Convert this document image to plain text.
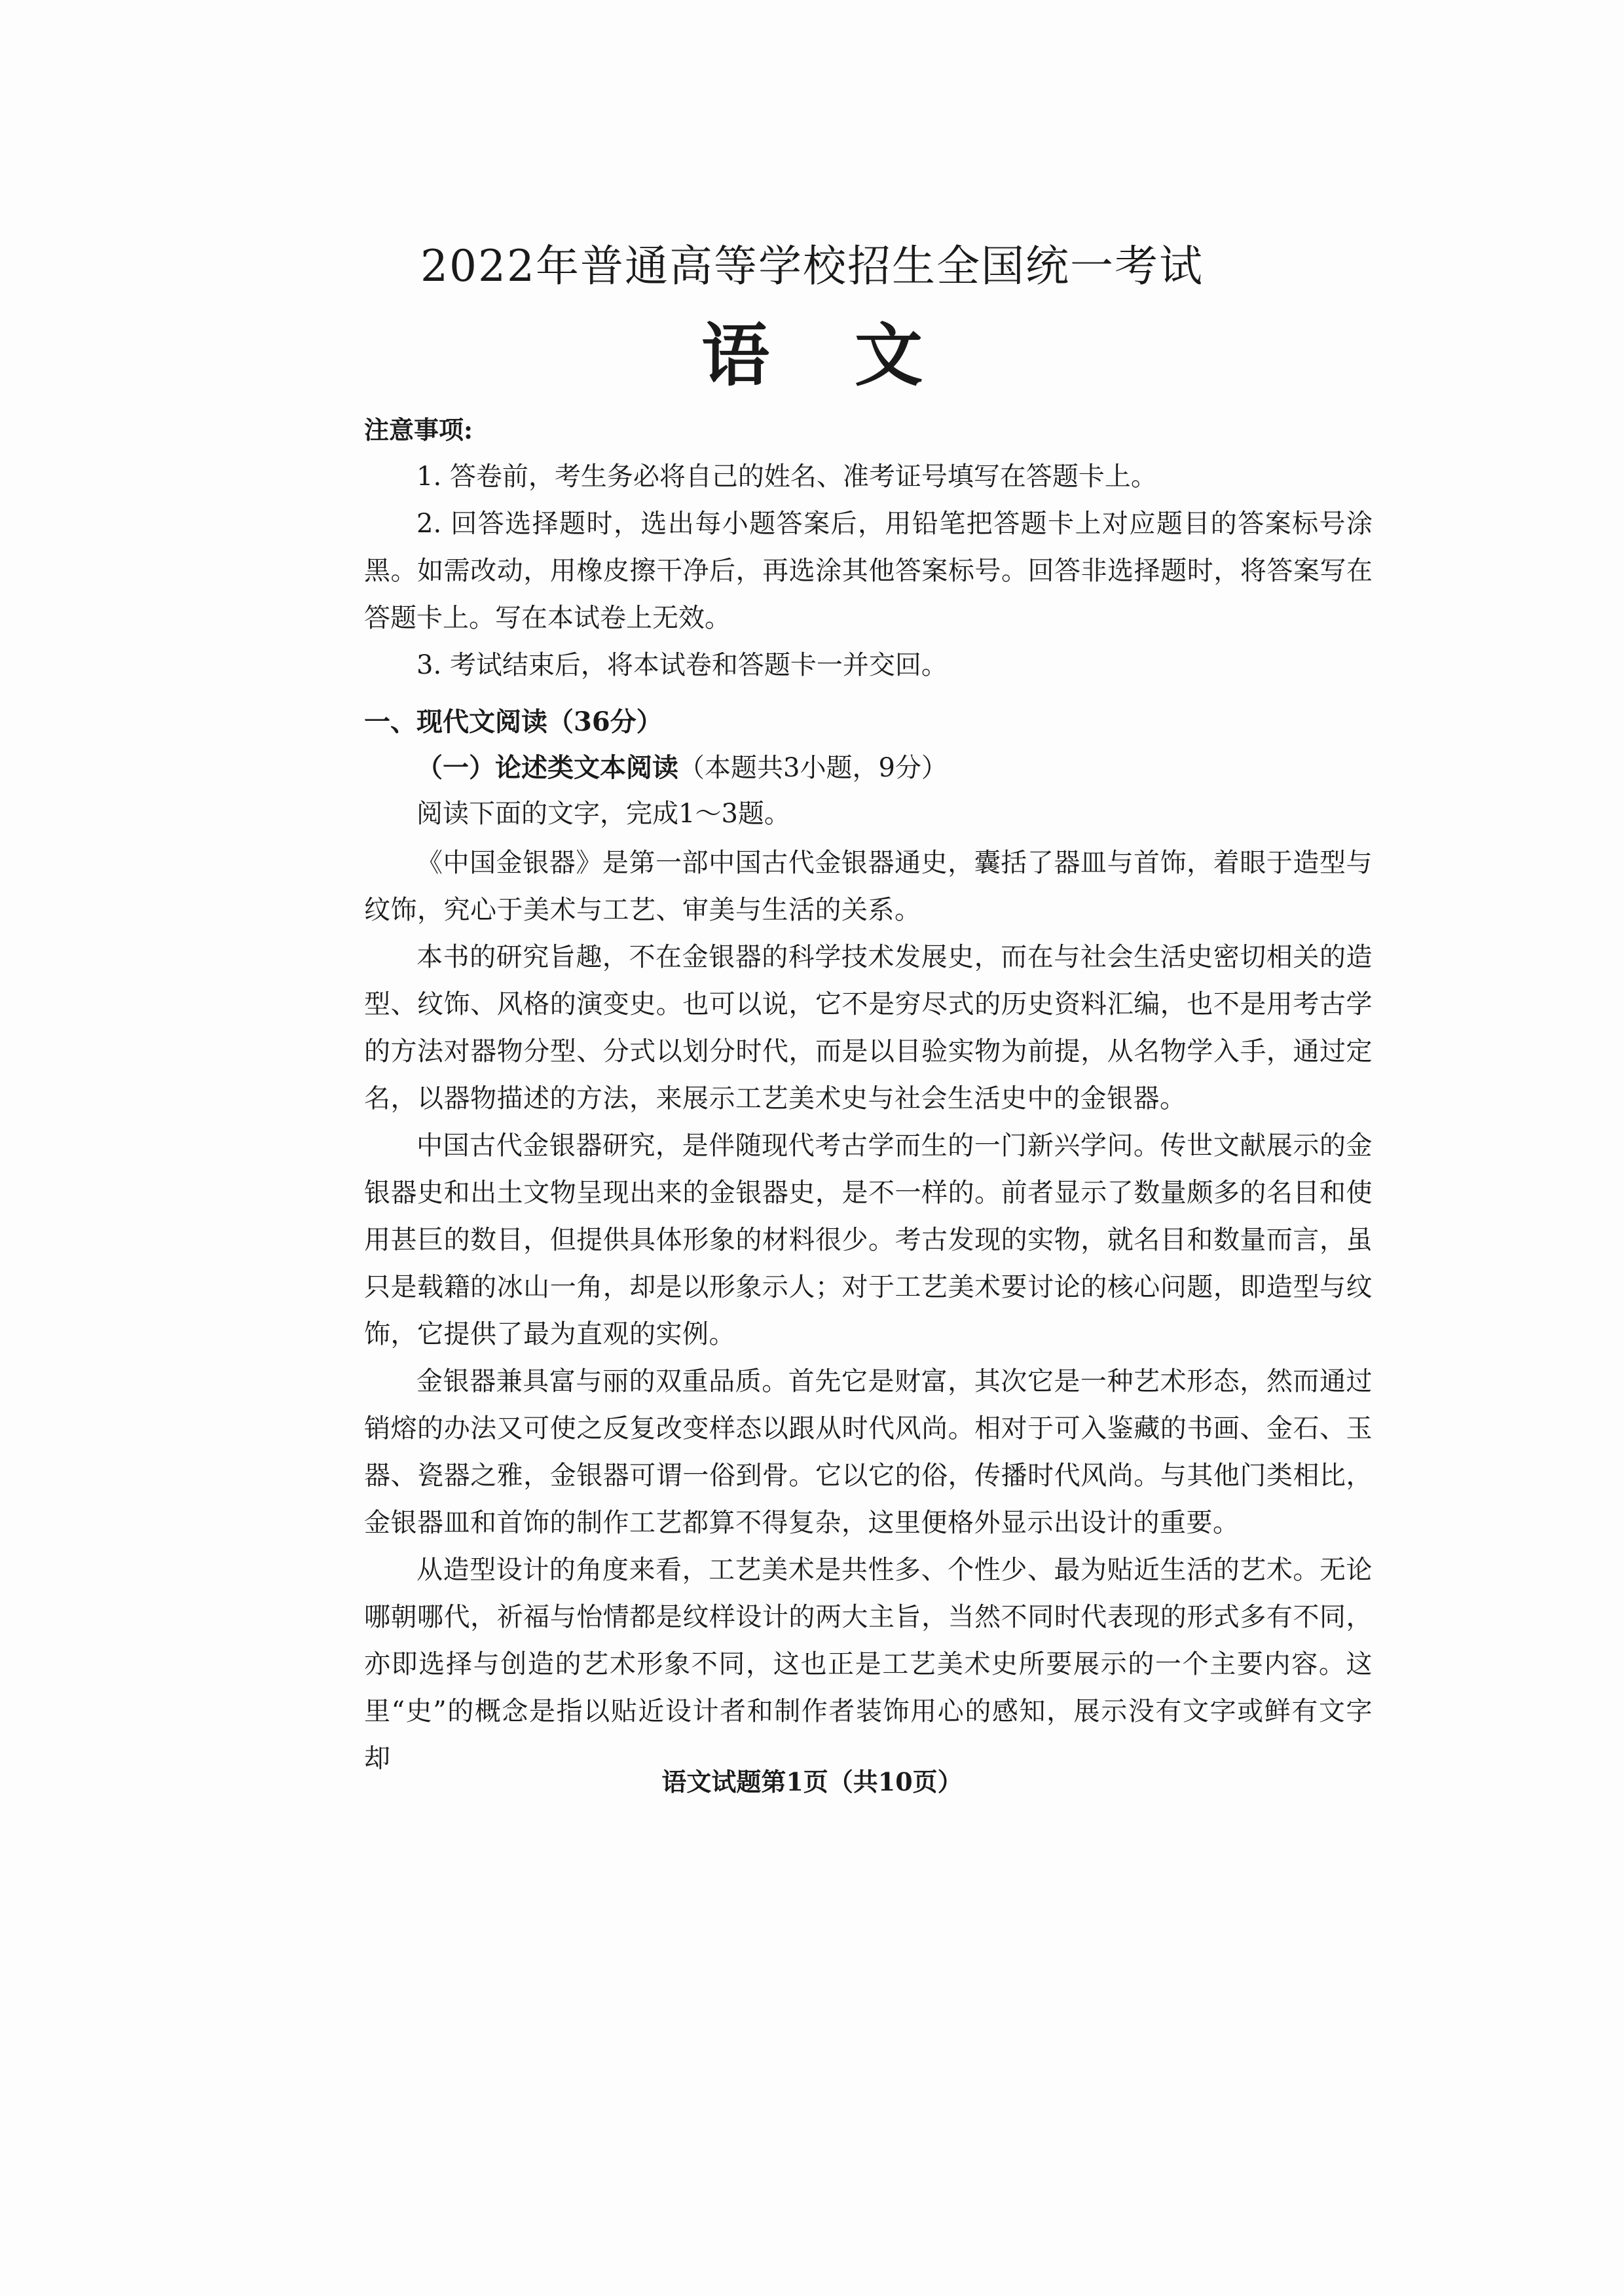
2022年普通高等学校招生全国统一考试
语文
注意事项:

1. 答卷前，考生务必将自己的姓名、准考证号填写在答题卡上。

2. 回答选择题时，选出每小题答案后，用铅笔把答题卡上对应题目的答案标号涂黑。如需改动，用橡皮擦干净后，再选涂其他答案标号。回答非选择题时，将答案写在答题卡上。写在本试卷上无效。

3. 考试结束后，将本试卷和答题卡一并交回。

一、现代文阅读（36分）
（一）论述类文本阅读（本题共3小题，9分）
阅读下面的文字，完成1～3题。

《中国金银器》是第一部中国古代金银器通史，囊括了器皿与首饰，着眼于造型与纹饰，究心于美术与工艺、审美与生活的关系。

本书的研究旨趣，不在金银器的科学技术发展史，而在与社会生活史密切相关的造型、纹饰、风格的演变史。也可以说，它不是穷尽式的历史资料汇编，也不是用考古学的方法对器物分型、分式以划分时代，而是以目验实物为前提，从名物学入手，通过定名，以器物描述的方法，来展示工艺美术史与社会生活史中的金银器。

中国古代金银器研究，是伴随现代考古学而生的一门新兴学问。传世文献展示的金银器史和出土文物呈现出来的金银器史，是不一样的。前者显示了数量颇多的名目和使用甚巨的数目，但提供具体形象的材料很少。考古发现的实物，就名目和数量而言，虽只是载籍的冰山一角，却是以形象示人；对于工艺美术要讨论的核心问题，即造型与纹饰，它提供了最为直观的实例。

金银器兼具富与丽的双重品质。首先它是财富，其次它是一种艺术形态，然而通过销熔的办法又可使之反复改变样态以跟从时代风尚。相对于可入鉴藏的书画、金石、玉器、瓷器之雅，金银器可谓一俗到骨。它以它的俗，传播时代风尚。与其他门类相比，金银器皿和首饰的制作工艺都算不得复杂，这里便格外显示出设计的重要。

从造型设计的角度来看，工艺美术是共性多、个性少、最为贴近生活的艺术。无论哪朝哪代，祈福与怡情都是纹样设计的两大主旨，当然不同时代表现的形式多有不同，亦即选择与创造的艺术形象不同，这也正是工艺美术史所要展示的一个主要内容。这里“史”的概念是指以贴近设计者和制作者装饰用心的感知，展示没有文字或鲜有文字却

语文试题第1页（共10页）
